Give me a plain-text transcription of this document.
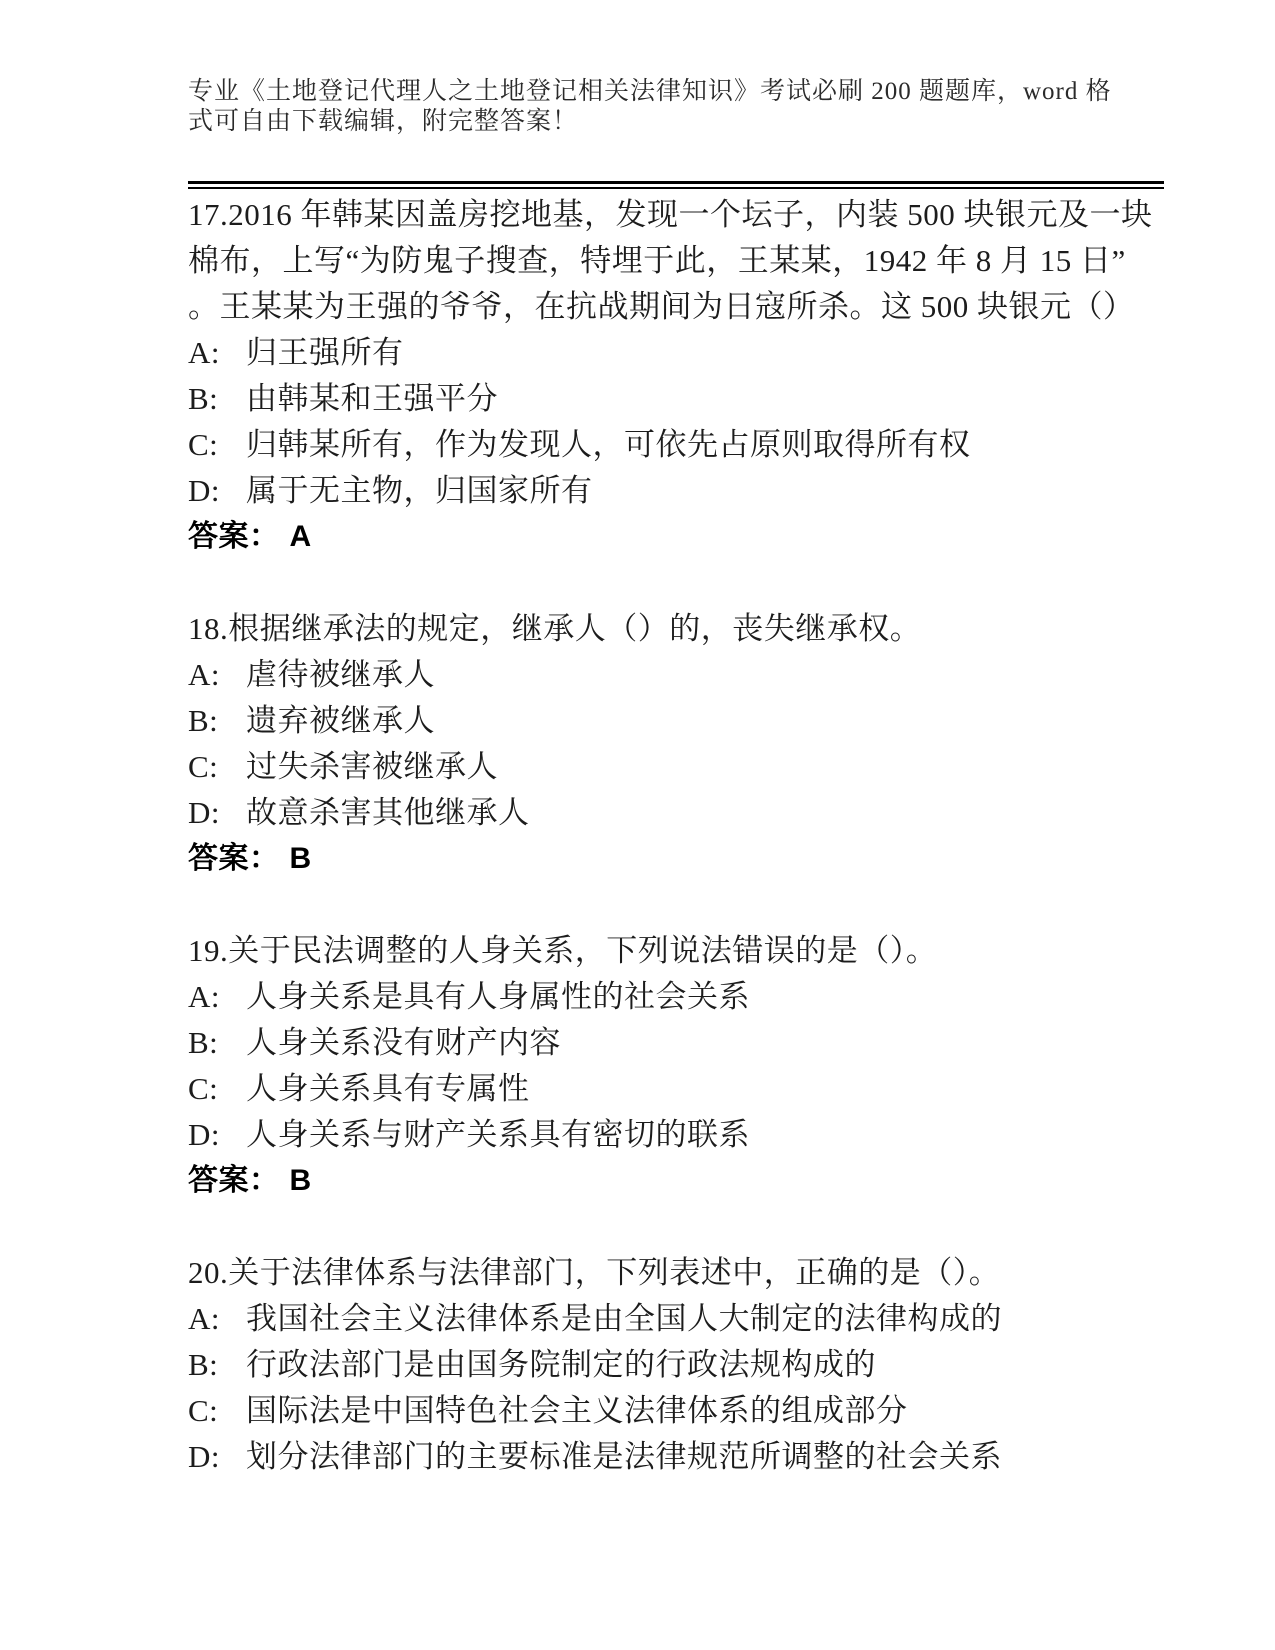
专业《土地登记代理人之土地登记相关法律知识》考试必刷 200 题题库，word 格
式可自由下载编辑，附完整答案！
17.2016 年韩某因盖房挖地基，发现一个坛子，内装 500 块银元及一块
棉布，上写“为防鬼子搜查，特埋于此，王某某，1942 年 8 月 15 日”
。王某某为王强的爷爷，在抗战期间为日寇所杀。这 500 块银元（）
A: 归王强所有
B: 由韩某和王强平分
C: 归韩某所有，作为发现人，可依先占原则取得所有权
D: 属于无主物，归国家所有
答案： A
18.根据继承法的规定，继承人（）的，丧失继承权。
A: 虐待被继承人
B: 遗弃被继承人
C: 过失杀害被继承人
D: 故意杀害其他继承人
答案： B
19.关于民法调整的人身关系，下列说法错误的是（）。
A: 人身关系是具有人身属性的社会关系
B: 人身关系没有财产内容
C: 人身关系具有专属性
D: 人身关系与财产关系具有密切的联系
答案： B
20.关于法律体系与法律部门，下列表述中，正确的是（）。
A: 我国社会主义法律体系是由全国人大制定的法律构成的
B: 行政法部门是由国务院制定的行政法规构成的
C: 国际法是中国特色社会主义法律体系的组成部分
D: 划分法律部门的主要标准是法律规范所调整的社会关系
